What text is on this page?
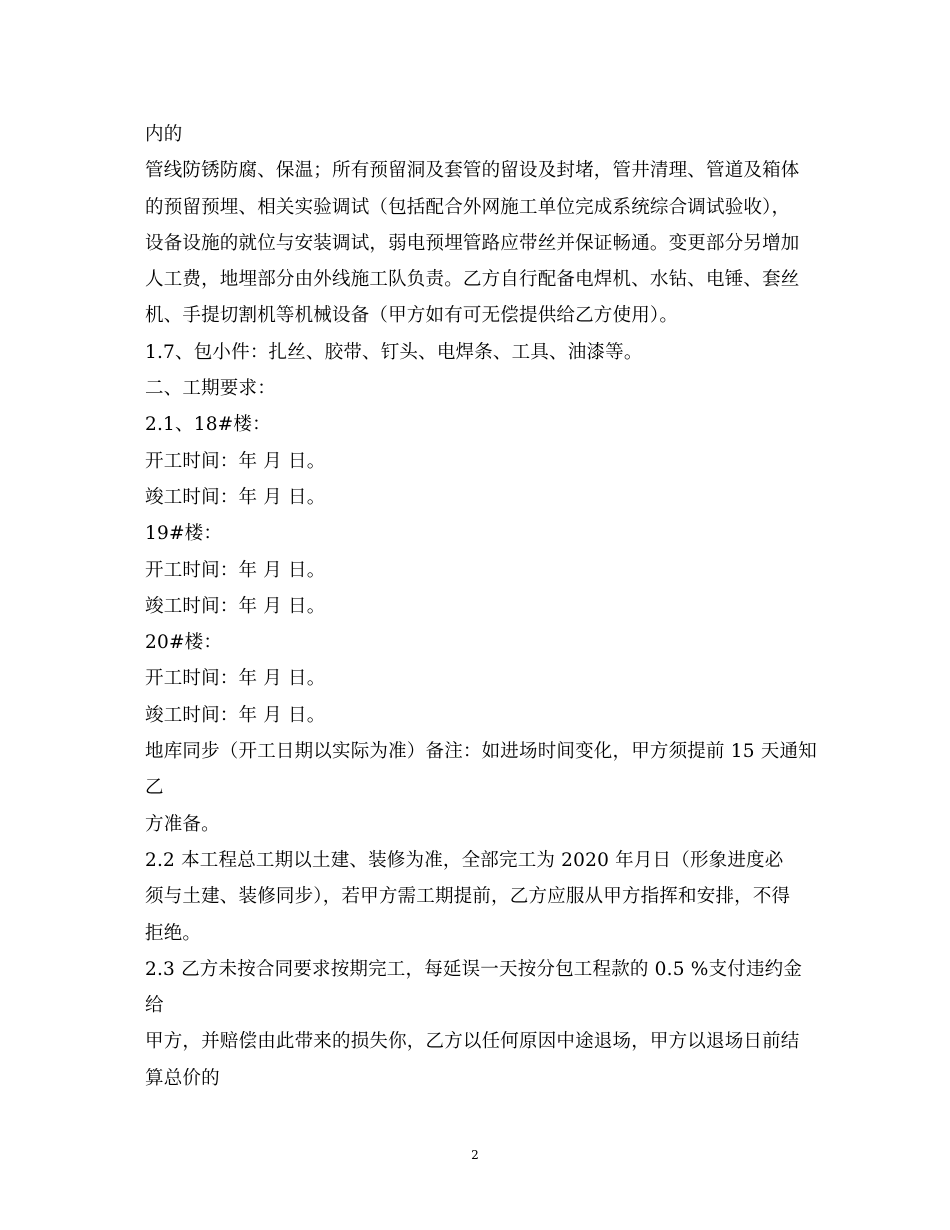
内的
管线防锈防腐、保温；所有预留洞及套管的留设及封堵，管井清理、管道及箱体
的预留预埋、相关实验调试（包括配合外网施工单位完成系统综合调试验收），
设备设施的就位与安装调试，弱电预埋管路应带丝并保证畅通。变更部分另增加
人工费，地埋部分由外线施工队负责。乙方自行配备电焊机、水钻、电锤、套丝
机、手提切割机等机械设备（甲方如有可无偿提供给乙方使用）。
1.7、包小件：扎丝、胶带、钉头、电焊条、工具、油漆等。
二、工期要求：
2.1、18#楼：
开工时间：年 月 日。
竣工时间：年 月 日。
19#楼：
开工时间：年 月 日。
竣工时间：年 月 日。
20#楼：
开工时间：年 月 日。
竣工时间：年 月 日。
地库同步（开工日期以实际为准）备注：如进场时间变化，甲方须提前 15 天通知
乙
方准备。
2.2 本工程总工期以土建、装修为准，全部完工为 2020 年月日（形象进度必
须与土建、装修同步），若甲方需工期提前，乙方应服从甲方指挥和安排，不得
拒绝。
2.3 乙方未按合同要求按期完工，每延误一天按分包工程款的 0.5 %支付违约金
给
甲方，并赔偿由此带来的损失你，乙方以任何原因中途退场，甲方以退场日前结
算总价的
2
